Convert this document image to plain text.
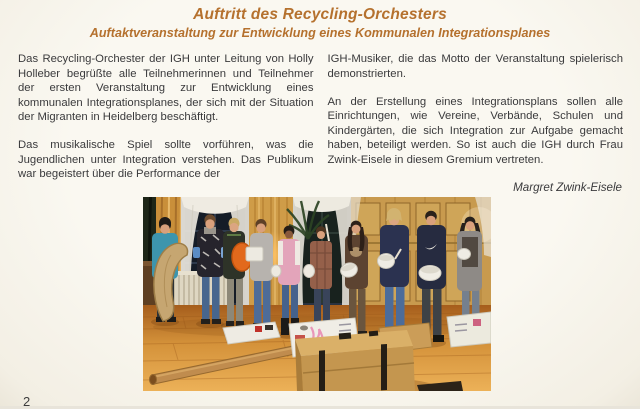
Auftritt des Recycling-Orchesters
Auftaktveranstaltung zur Entwicklung eines Kommunalen Integrationsplanes

Das Recycling-Orchester der IGH unter Leitung von Holly Holleber begrüßte alle Teilnehmerinnen und Teilnehmer der ersten Veranstaltung zur Entwicklung eines kommunalen Integrationsplanes, der sich mit der Situation der Migranten in Heidelberg beschäftigt.

Das musikalische Spiel sollte vorführen, was die Jugendlichen unter Integration verstehen. Das Publikum war begeistert über die Performance der

IGH-Musiker, die das Motto der Veranstaltung spielerisch demonstrierten.

An der Erstellung eines Integrationsplans sollen alle Einrichtungen, wie Vereine, Verbände, Schulen und Kindergärten, die sich Integration zur Aufgabe gemacht haben, beteiligt werden. So ist auch die IGH durch Frau Zwink-Eisele in diesem Gremium vertreten.

Margret Zwink-Eisele
2
